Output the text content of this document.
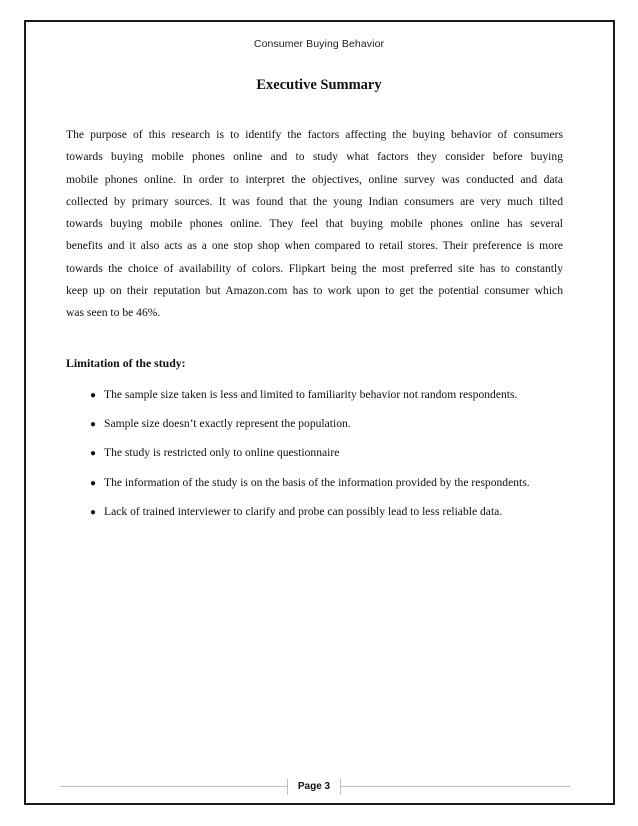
Consumer Buying Behavior
Executive Summary
The purpose of this research is to identify the factors affecting the buying behavior of consumers
towards buying mobile phones online and to study what factors they consider before buying
mobile phones online. In order to interpret the objectives, online survey was conducted and data
collected by primary sources. It was found that the young Indian consumers are very much tilted
towards buying mobile phones online. They feel that buying mobile phones online has several
benefits and it also acts as a one stop shop when compared to retail stores. Their preference is more
towards the choice of availability of colors. Flipkart being the most preferred site has to constantly
keep up on their reputation but Amazon.com has to work upon to get the potential consumer which
was seen to be 46%.
Limitation of the study:
● The sample size taken is less and limited to familiarity behavior not random respondents.
● Sample size doesn’t exactly represent the population.
● The study is restricted only to online questionnaire
● The information of the study is on the basis of the information provided by the respondents.
● Lack of trained interviewer to clarify and probe can possibly lead to less reliable data.
Page 3
